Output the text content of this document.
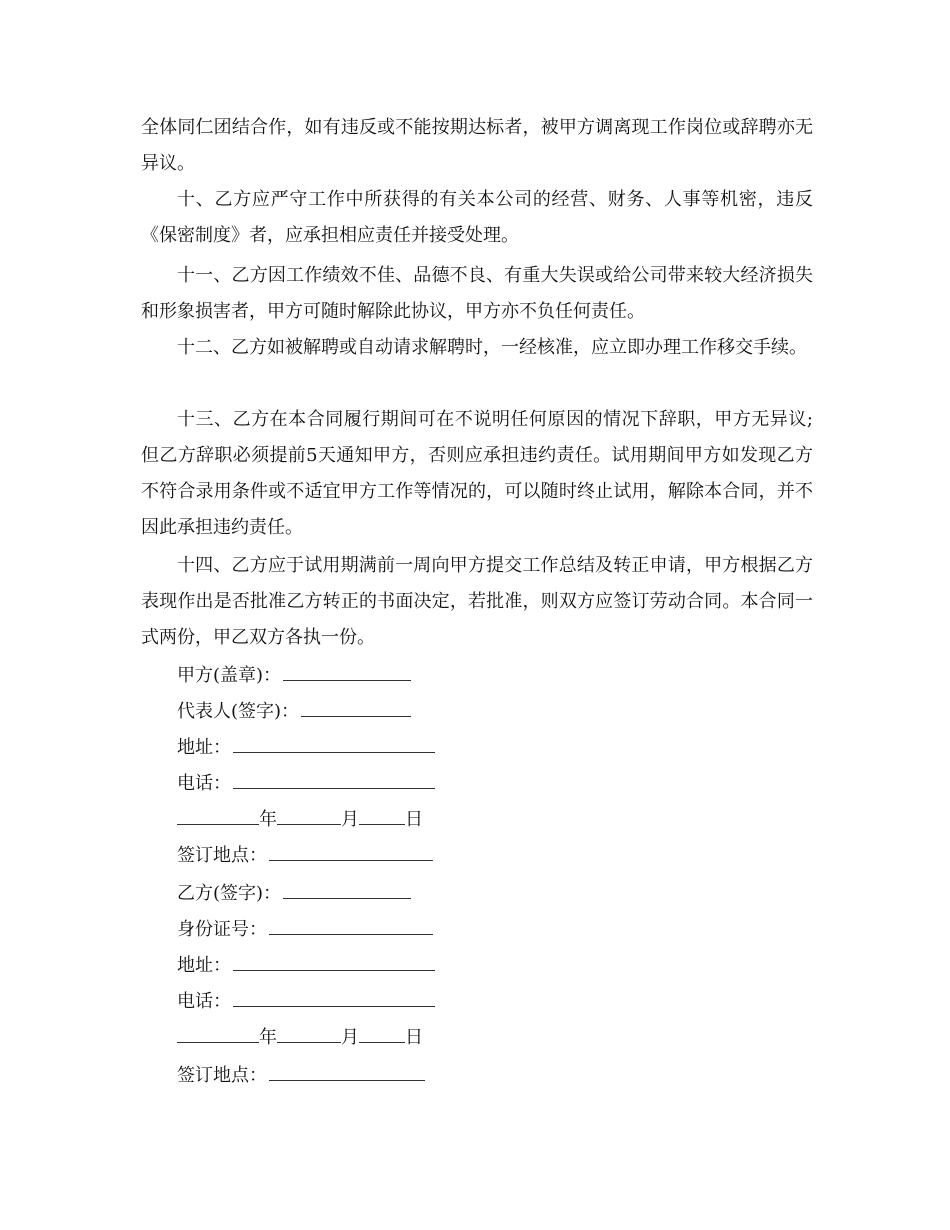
全体同仁团结合作，如有违反或不能按期达标者，被甲方调离现工作岗位或辞聘亦无异议。

十、乙方应严守工作中所获得的有关本公司的经营、财务、人事等机密，违反《保密制度》者，应承担相应责任并接受处理。

十一、乙方因工作绩效不佳、品德不良、有重大失误或给公司带来较大经济损失和形象损害者，甲方可随时解除此协议，甲方亦不负任何责任。

十二、乙方如被解聘或自动请求解聘时，一经核准，应立即办理工作移交手续。

十三、乙方在本合同履行期间可在不说明任何原因的情况下辞职，甲方无异议;但乙方辞职必须提前5天通知甲方，否则应承担违约责任。试用期间甲方如发现乙方不符合录用条件或不适宜甲方工作等情况的，可以随时终止试用，解除本合同，并不因此承担违约责任。

十四、乙方应于试用期满前一周向甲方提交工作总结及转正申请，甲方根据乙方表现作出是否批准乙方转正的书面决定，若批准，则双方应签订劳动合同。本合同一式两份，甲乙双方各执一份。

甲方(盖章)：
代表人(签字)：
地址：
电话：
年	月	日
签订地点：
乙方(签字)：
身份证号：
地址：
电话：
年	月	日
签订地点：
